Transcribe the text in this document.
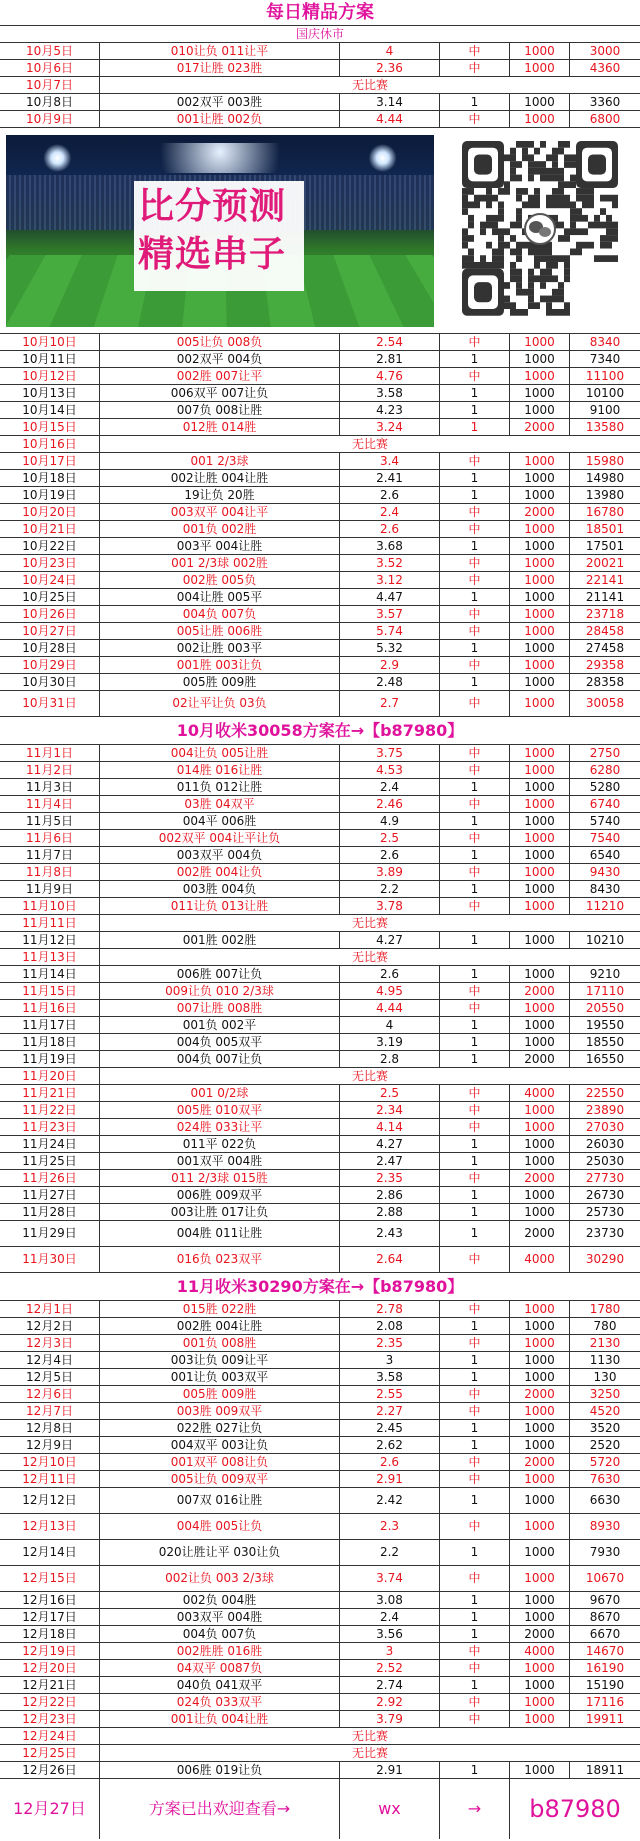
每日精品方案
国庆休市
10月5日	010让负 011让平	4	中	1000	3000
10月6日	017让胜 023胜	2.36	中	1000	4360
10月7日	无比赛
10月8日	002双平 003胜	3.14	1	1000	3360
10月9日	001让胜 002负	4.44	中	1000	6800
比分预测
精选串子
10月10日	005让负 008负	2.54	中	1000	8340
10月11日	002双平 004负	2.81	1	1000	7340
10月12日	002胜 007让平	4.76	中	1000	11100
10月13日	006双平 007让负	3.58	1	1000	10100
10月14日	007负 008让胜	4.23	1	1000	9100
10月15日	012胜 014胜	3.24	1	2000	13580
10月16日	无比赛
10月17日	001 2/3球	3.4	中	1000	15980
10月18日	002让胜 004让胜	2.41	1	1000	14980
10月19日	19让负 20胜	2.6	1	1000	13980
10月20日	003双平 004让平	2.4	中	2000	16780
10月21日	001负 002胜	2.6	中	1000	18501
10月22日	003平 004让胜	3.68	1	1000	17501
10月23日	001 2/3球 002胜	3.52	中	1000	20021
10月24日	002胜 005负	3.12	中	1000	22141
10月25日	004让胜 005平	4.47	1	1000	21141
10月26日	004负 007负	3.57	中	1000	23718
10月27日	005让胜 006胜	5.74	中	1000	28458
10月28日	002让胜 003平	5.32	1	1000	27458
10月29日	001胜 003让负	2.9	中	1000	29358
10月30日	005胜 009胜	2.48	1	1000	28358
10月31日	02让平让负 03负	2.7	中	1000	30058
10月收米30058方案在→【b87980】
11月1日	004让负 005让胜	3.75	中	1000	2750
11月2日	014胜 016让胜	4.53	中	1000	6280
11月3日	011负 012让胜	2.4	1	1000	5280
11月4日	03胜 04双平	2.46	中	1000	6740
11月5日	004平 006胜	4.9	1	1000	5740
11月6日	002双平 004让平让负	2.5	中	1000	7540
11月7日	003双平 004负	2.6	1	1000	6540
11月8日	002胜 004让负	3.89	中	1000	9430
11月9日	003胜 004负	2.2	1	1000	8430
11月10日	011让负 013让胜	3.78	中	1000	11210
11月11日	无比赛
11月12日	001胜 002胜	4.27	1	1000	10210
11月13日	无比赛
11月14日	006胜 007让负	2.6	1	1000	9210
11月15日	009让负 010 2/3球	4.95	中	2000	17110
11月16日	007让胜 008胜	4.44	中	1000	20550
11月17日	001负 002平	4	1	1000	19550
11月18日	004负 005双平	3.19	1	1000	18550
11月19日	004负 007让负	2.8	1	2000	16550
11月20日	无比赛
11月21日	001 0/2球	2.5	中	4000	22550
11月22日	005胜 010双平	2.34	中	1000	23890
11月23日	024胜 033让平	4.14	中	1000	27030
11月24日	011平 022负	4.27	1	1000	26030
11月25日	001双平 004胜	2.47	1	1000	25030
11月26日	011 2/3球 015胜	2.35	中	2000	27730
11月27日	006胜 009双平	2.86	1	1000	26730
11月28日	003让胜 017让负	2.88	1	1000	25730
11月29日	004胜 011让胜	2.43	1	2000	23730
11月30日	016负 023双平	2.64	中	4000	30290
11月收米30290方案在→【b87980】
12月1日	015胜 022胜	2.78	中	1000	1780
12月2日	002胜 004让胜	2.08	1	1000	780
12月3日	001负 008胜	2.35	中	1000	2130
12月4日	003让负 009让平	3	1	1000	1130
12月5日	001让负 003双平	3.58	1	1000	130
12月6日	005胜 009胜	2.55	中	2000	3250
12月7日	003胜 009双平	2.27	中	1000	4520
12月8日	022胜 027让负	2.45	1	1000	3520
12月9日	004双平 003让负	2.62	1	1000	2520
12月10日	001双平 008让负	2.6	中	2000	5720
12月11日	005让负 009双平	2.91	中	1000	7630
12月12日	007双 016让胜	2.42	1	1000	6630
12月13日	004胜 005让负	2.3	中	1000	8930
12月14日	020让胜让平 030让负	2.2	1	1000	7930
12月15日	002让负 003 2/3球	3.74	中	1000	10670
12月16日	002负 004胜	3.08	1	1000	9670
12月17日	003双平 004胜	2.4	1	1000	8670
12月18日	004负 007负	3.56	1	2000	6670
12月19日	002胜胜 016胜	3	中	4000	14670
12月20日	04双平 0087负	2.52	中	1000	16190
12月21日	040负 041双平	2.74	1	1000	15190
12月22日	024负 033双平	2.92	中	1000	17116
12月23日	001让负 004让胜	3.79	中	1000	19911
12月24日	无比赛
12月25日	无比赛
12月26日	006胜 019让负	2.91	1	1000	18911
12月27日	方案已出欢迎查看→	wx	→	b87980
